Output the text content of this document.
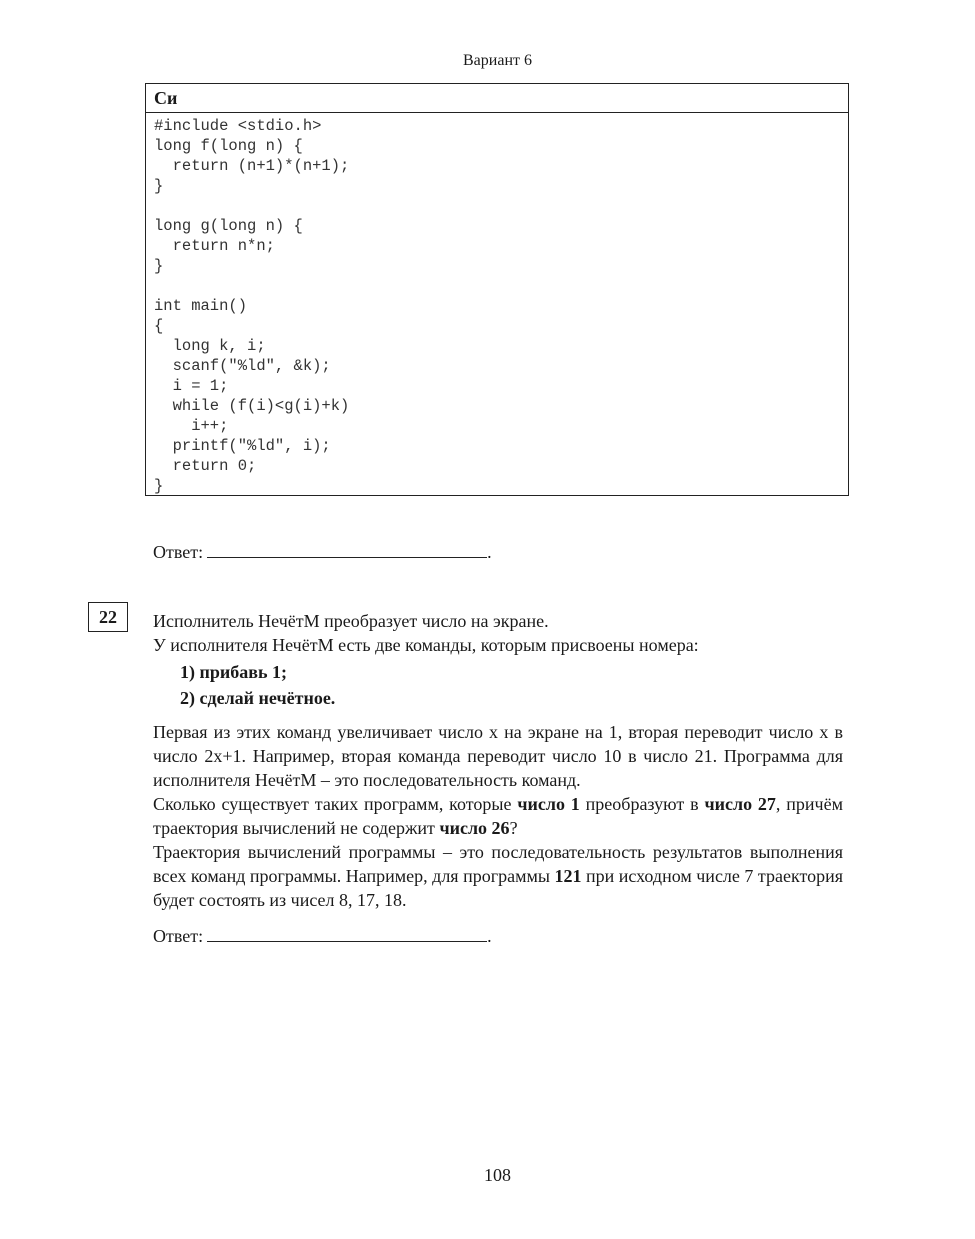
Вариант 6
Си
#include <stdio.h>
long f(long n) {
return (n+1)*(n+1);
}

long g(long n) {
return n*n;
}

int main()
{
long k, i;
scanf("%ld", &k);
i = 1;
while (f(i)<g(i)+k)
i++;
printf("%ld", i);
return 0;
}
Ответ:	.
22	Исполнитель НечётМ преобразует число на экране.

У исполнителя НечётМ есть две команды, которым присвоены номера:

1) прибавь 1;
2) сделай нечётное.

Первая из этих команд увеличивает число x на экране на 1, вторая переводит число x в число 2x+1. Например, вторая команда переводит число 10 в число 21. Программа для исполнителя НечётМ – это последовательность команд.
Сколько существует таких программ, которые число 1 преобразуют в число 27, причём траектория вычислений не содержит число 26?
Траектория вычислений программы – это последовательность результатов выполнения всех команд программы. Например, для программы 121 при исходном числе 7 траектория будет состоять из чисел 8, 17, 18.

Ответ:	.
108
